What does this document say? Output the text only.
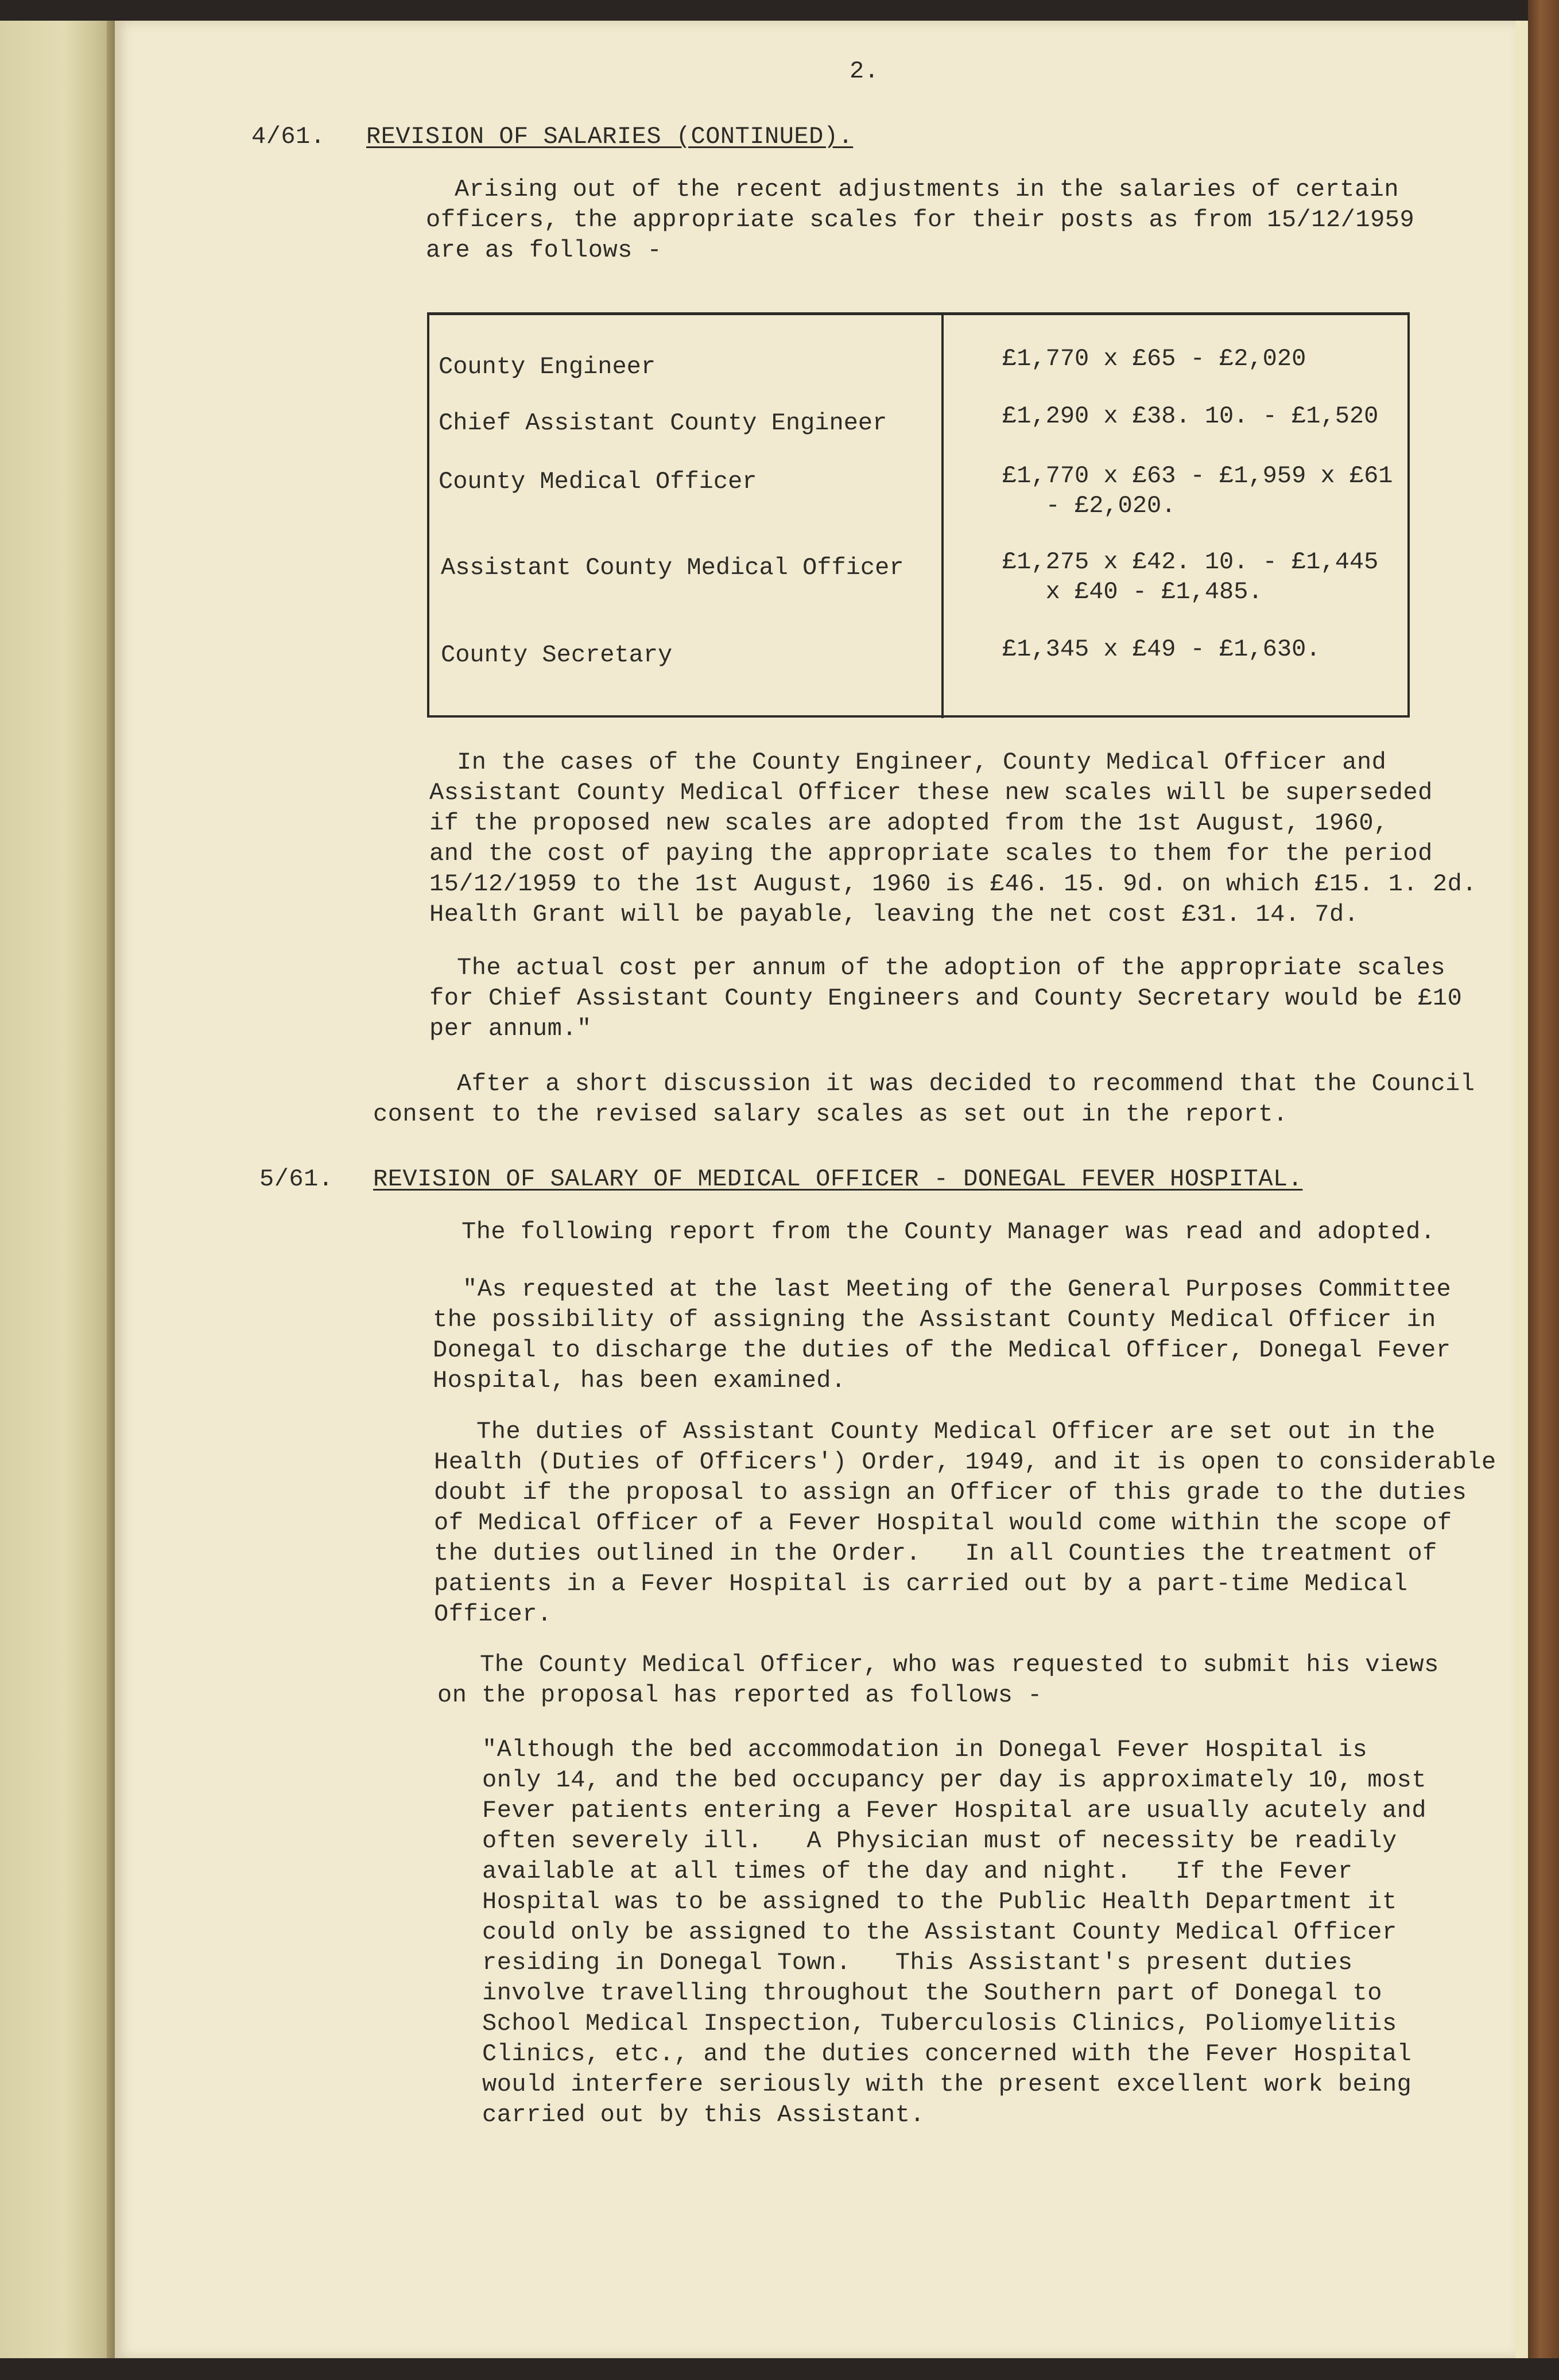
2.
4/61. REVISION OF SALARIES (CONTINUED).
Arising out of the recent adjustments in the salaries of certain
officers, the appropriate scales for their posts as from 15/12/1959
are as follows -
County Engineer	£1,770 x £65 - £2,020
Chief Assistant County Engineer	£1,290 x £38. 10. - £1,520
County Medical Officer	£1,770 x £63 - £1,959 x £61
- £2,020.
Assistant County Medical Officer	£1,275 x £42. 10. - £1,445
x £40 - £1,485.
County Secretary	£1,345 x £49 - £1,630.
In the cases of the County Engineer, County Medical Officer and
Assistant County Medical Officer these new scales will be superseded
if the proposed new scales are adopted from the 1st August, 1960,
and the cost of paying the appropriate scales to them for the period
15/12/1959 to the 1st August, 1960 is £46. 15. 9d. on which £15. 1. 2d.
Health Grant will be payable, leaving the net cost £31. 14. 7d.
The actual cost per annum of the adoption of the appropriate scales
for Chief Assistant County Engineers and County Secretary would be £10
per annum."
After a short discussion it was decided to recommend that the Council
consent to the revised salary scales as set out in the report.
5/61. REVISION OF SALARY OF MEDICAL OFFICER - DONEGAL FEVER HOSPITAL.
The following report from the County Manager was read and adopted.
"As requested at the last Meeting of the General Purposes Committee
the possibility of assigning the Assistant County Medical Officer in
Donegal to discharge the duties of the Medical Officer, Donegal Fever
Hospital, has been examined.
The duties of Assistant County Medical Officer are set out in the
Health (Duties of Officers') Order, 1949, and it is open to considerable
doubt if the proposal to assign an Officer of this grade to the duties
of Medical Officer of a Fever Hospital would come within the scope of
the duties outlined in the Order.   In all Counties the treatment of
patients in a Fever Hospital is carried out by a part-time Medical
Officer.
The County Medical Officer, who was requested to submit his views
on the proposal has reported as follows -
"Although the bed accommodation in Donegal Fever Hospital is
only 14, and the bed occupancy per day is approximately 10, most
Fever patients entering a Fever Hospital are usually acutely and
often severely ill.   A Physician must of necessity be readily
available at all times of the day and night.   If the Fever
Hospital was to be assigned to the Public Health Department it
could only be assigned to the Assistant County Medical Officer
residing in Donegal Town.   This Assistant's present duties
involve travelling throughout the Southern part of Donegal to
School Medical Inspection, Tuberculosis Clinics, Poliomyelitis
Clinics, etc., and the duties concerned with the Fever Hospital
would interfere seriously with the present excellent work being
carried out by this Assistant.
